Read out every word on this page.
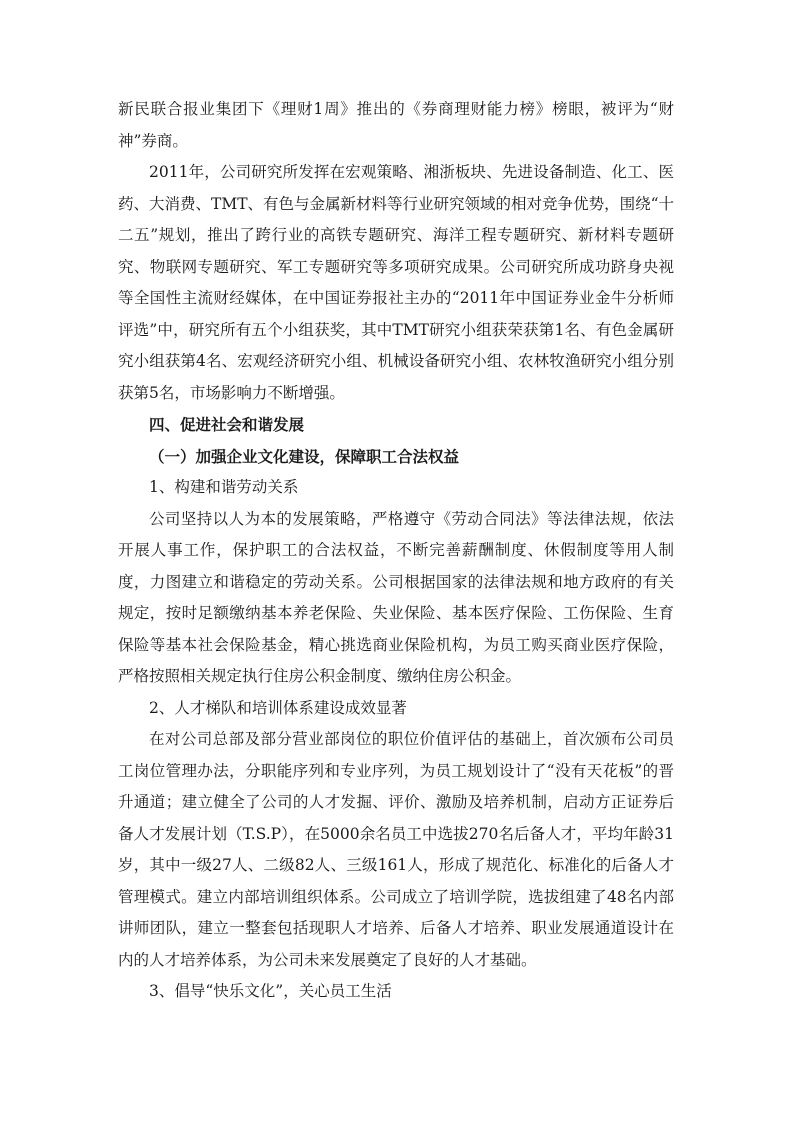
新民联合报业集团下《理财1周》推出的《券商理财能力榜》榜眼，被评为“财神”券商。

2011年，公司研究所发挥在宏观策略、湘浙板块、先进设备制造、化工、医药、大消费、TMT、有色与金属新材料等行业研究领域的相对竞争优势，围绕“十二五”规划，推出了跨行业的高铁专题研究、海洋工程专题研究、新材料专题研究、物联网专题研究、军工专题研究等多项研究成果。公司研究所成功跻身央视等全国性主流财经媒体，在中国证券报社主办的“2011年中国证券业金牛分析师评选”中，研究所有五个小组获奖，其中TMT研究小组获荣获第1名、有色金属研究小组获第4名、宏观经济研究小组、机械设备研究小组、农林牧渔研究小组分别获第5名，市场影响力不断增强。

四、促进社会和谐发展

（一）加强企业文化建设，保障职工合法权益

1、构建和谐劳动关系

公司坚持以人为本的发展策略，严格遵守《劳动合同法》等法律法规，依法开展人事工作，保护职工的合法权益，不断完善薪酬制度、休假制度等用人制度，力图建立和谐稳定的劳动关系。公司根据国家的法律法规和地方政府的有关规定，按时足额缴纳基本养老保险、失业保险、基本医疗保险、工伤保险、生育保险等基本社会保险基金，精心挑选商业保险机构，为员工购买商业医疗保险，严格按照相关规定执行住房公积金制度、缴纳住房公积金。

2、人才梯队和培训体系建设成效显著

在对公司总部及部分营业部岗位的职位价值评估的基础上，首次颁布公司员工岗位管理办法，分职能序列和专业序列，为员工规划设计了“没有天花板”的晋升通道；建立健全了公司的人才发掘、评价、激励及培养机制，启动方正证券后备人才发展计划（T.S.P），在5000余名员工中选拔270名后备人才，平均年龄31岁，其中一级27人、二级82人、三级161人，形成了规范化、标准化的后备人才管理模式。建立内部培训组织体系。公司成立了培训学院，选拔组建了48名内部讲师团队，建立一整套包括现职人才培养、后备人才培养、职业发展通道设计在内的人才培养体系，为公司未来发展奠定了良好的人才基础。

3、倡导“快乐文化”，关心员工生活
